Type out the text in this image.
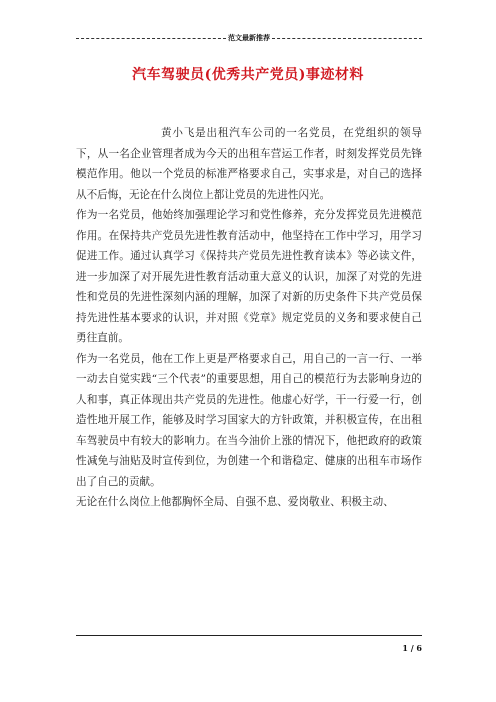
范文最新推荐
汽车驾驶员(优秀共产党员)事迹材料

黄小飞是出租汽车公司的一名党员，在党组织的领导下，从一名企业管理者成为今天的出租车营运工作者，时刻发挥党员先锋模范作用。他以一个党员的标准严格要求自己，实事求是，对自己的选择从不后悔，无论在什么岗位上都让党员的先进性闪光。

作为一名党员，他始终加强理论学习和党性修养，充分发挥党员先进模范作用。在保持共产党员先进性教育活动中，他坚持在工作中学习，用学习促进工作。通过认真学习《保持共产党员先进性教育读本》等必读文件，进一步加深了对开展先进性教育活动重大意义的认识，加深了对党的先进性和党员的先进性深刻内涵的理解，加深了对新的历史条件下共产党员保持先进性基本要求的认识，并对照《党章》规定党员的义务和要求使自己勇往直前。

作为一名党员，他在工作上更是严格要求自己，用自己的一言一行、一举一动去自觉实践“三个代表”的重要思想，用自己的模范行为去影响身边的人和事，真正体现出共产党员的先进性。他虚心好学，干一行爱一行，创造性地开展工作，能够及时学习国家大的方针政策，并积极宣传，在出租车驾驶员中有较大的影响力。在当今油价上涨的情况下，他把政府的政策性减免与油贴及时宣传到位，为创建一个和谐稳定、健康的出租车市场作出了自己的贡献。

无论在什么岗位上他都胸怀全局、自强不息、爱岗敬业、积极主动、

1 / 6
